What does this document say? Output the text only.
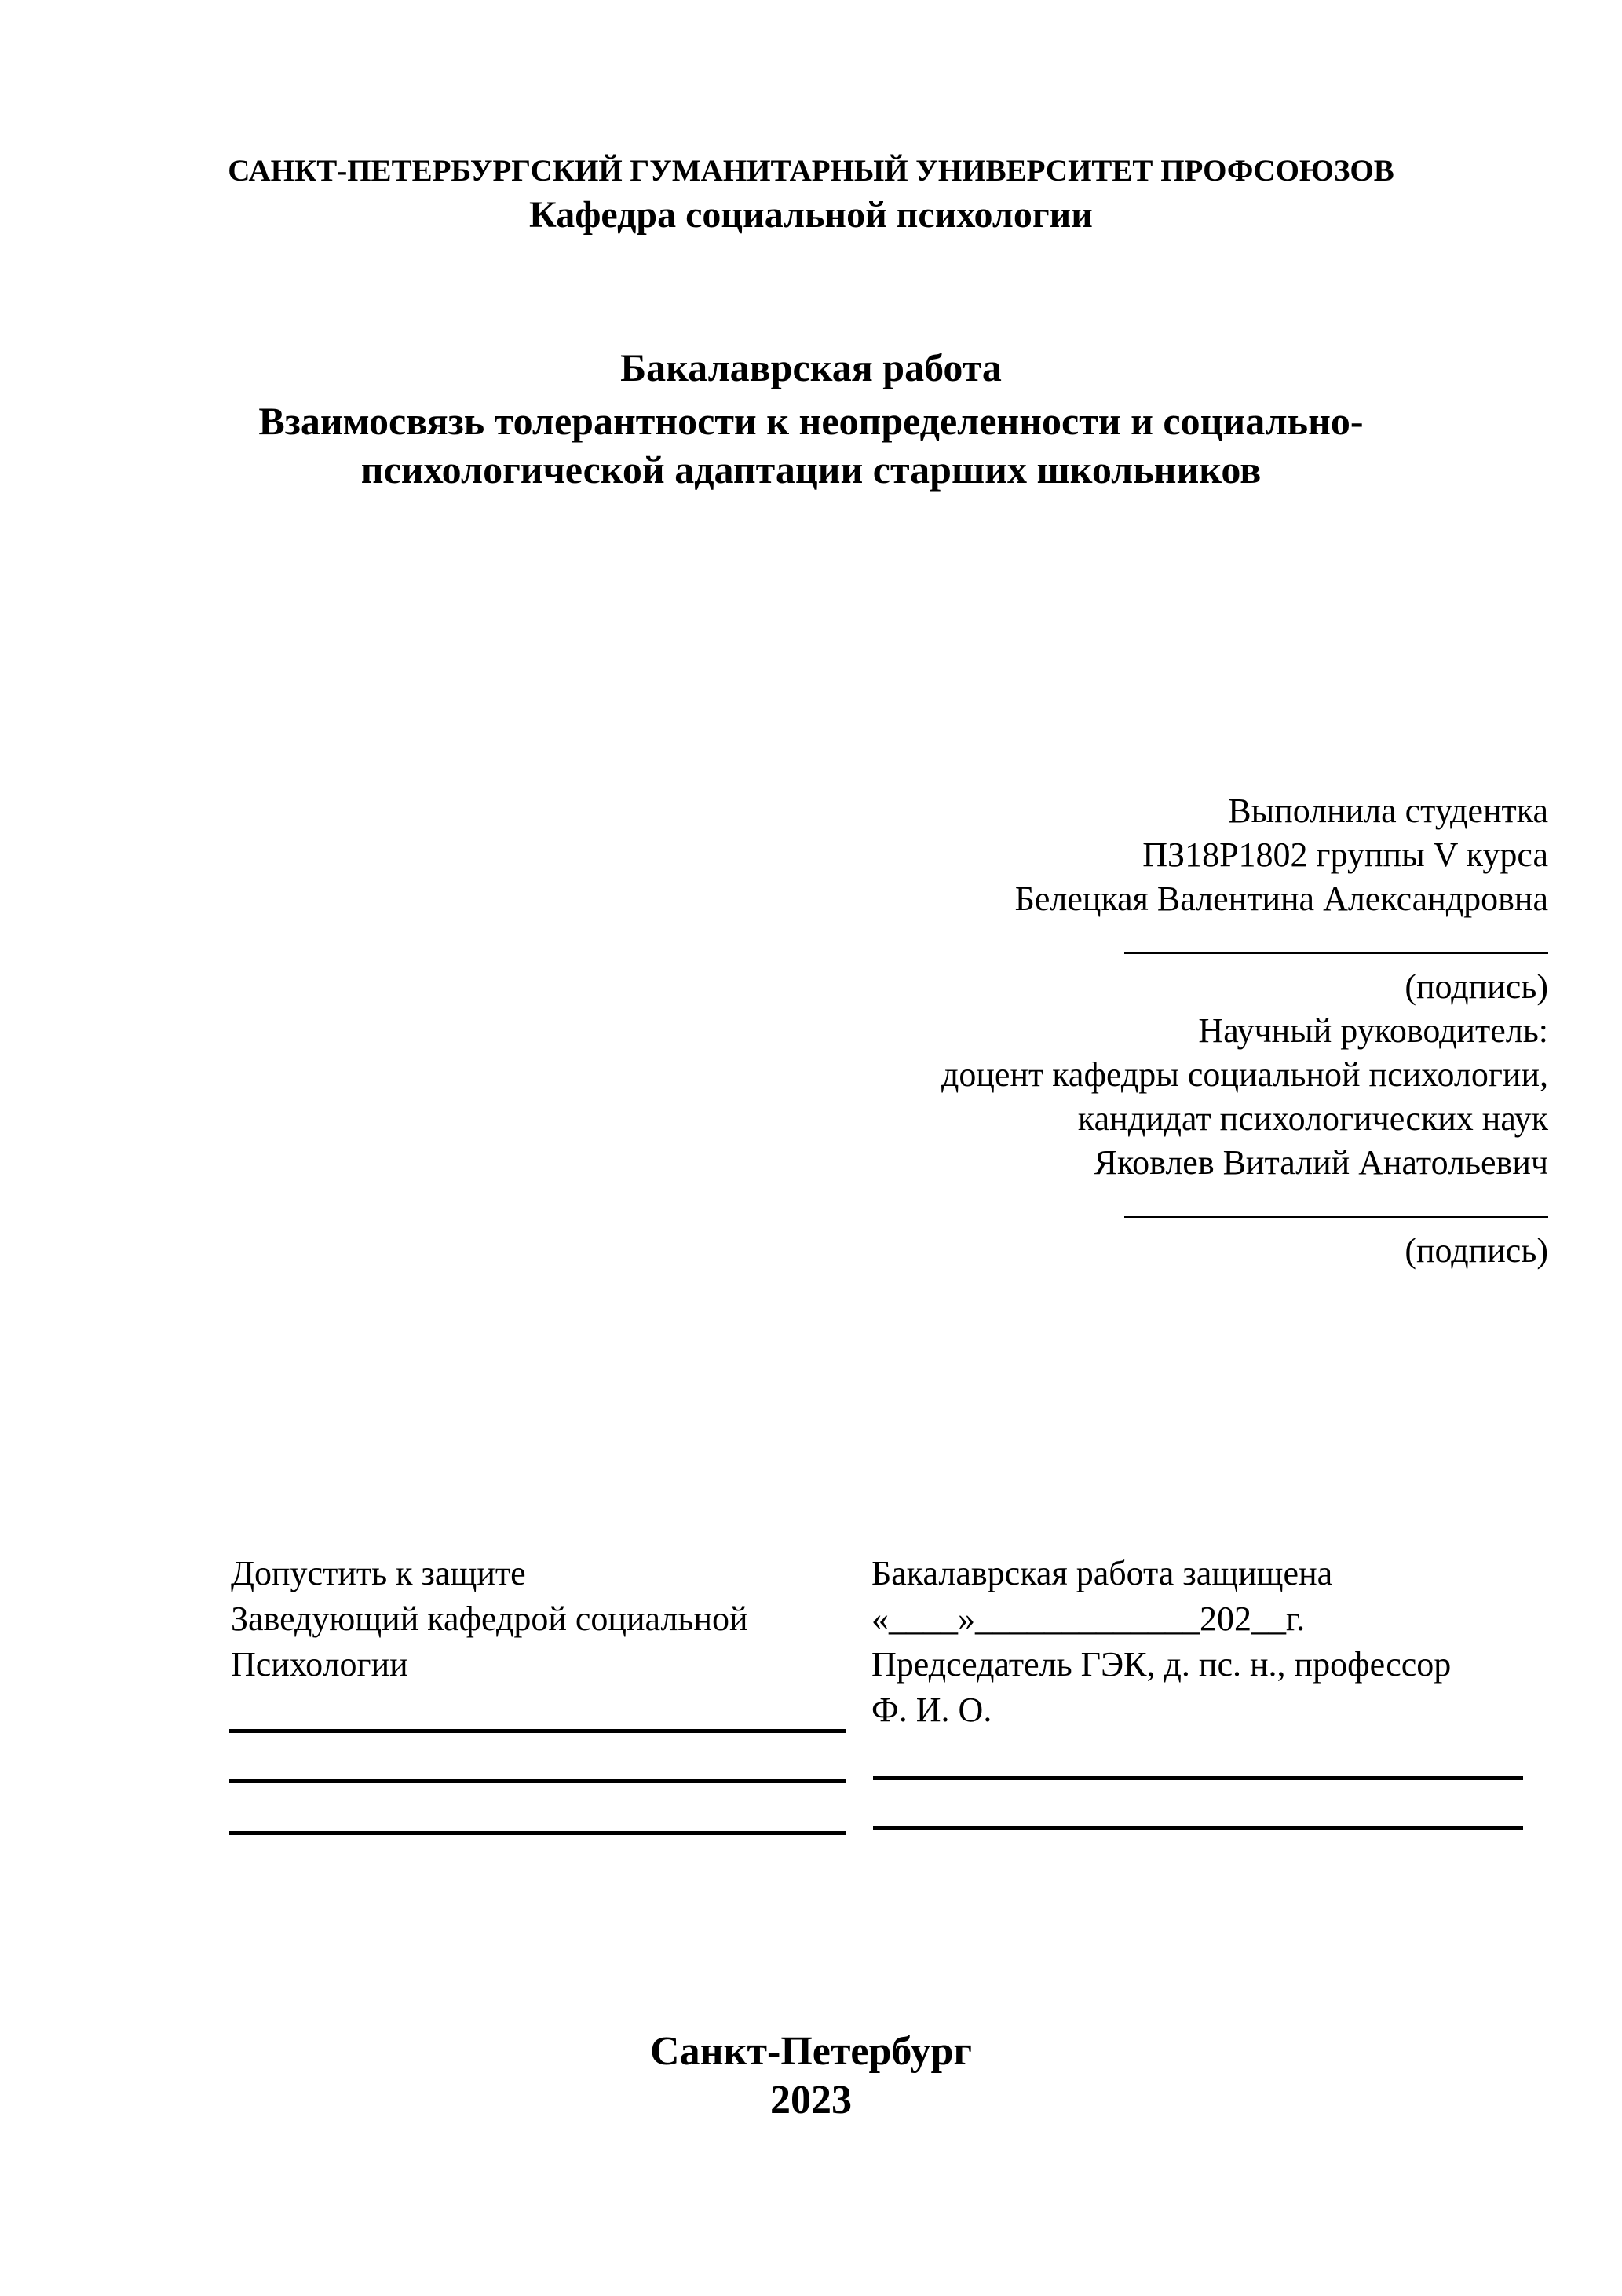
САНКТ-ПЕТЕРБУРГСКИЙ ГУМАНИТАРНЫЙ УНИВЕРСИТЕТ ПРОФСОЮЗОВ
Кафедра социальной психологии
Бакалаврская работа
Взаимосвязь толерантности к неопределенности и социально-
психологической адаптации старших школьников
Выполнила студентка
ПЗ18Р1802 группы V курса
Белецкая Валентина Александровна
(подпись)
Научный руководитель:
доцент кафедры социальной психологии,
кандидат психологических наук
Яковлев Виталий Анатольевич
(подпись)
Допустить к защите
Заведующий кафедрой социальной
Психологии
Бакалаврская работа защищена
«____»_____________202__г.
Председатель ГЭК, д. пс. н., профессор
Ф. И. О.
Санкт-Петербург
2023
